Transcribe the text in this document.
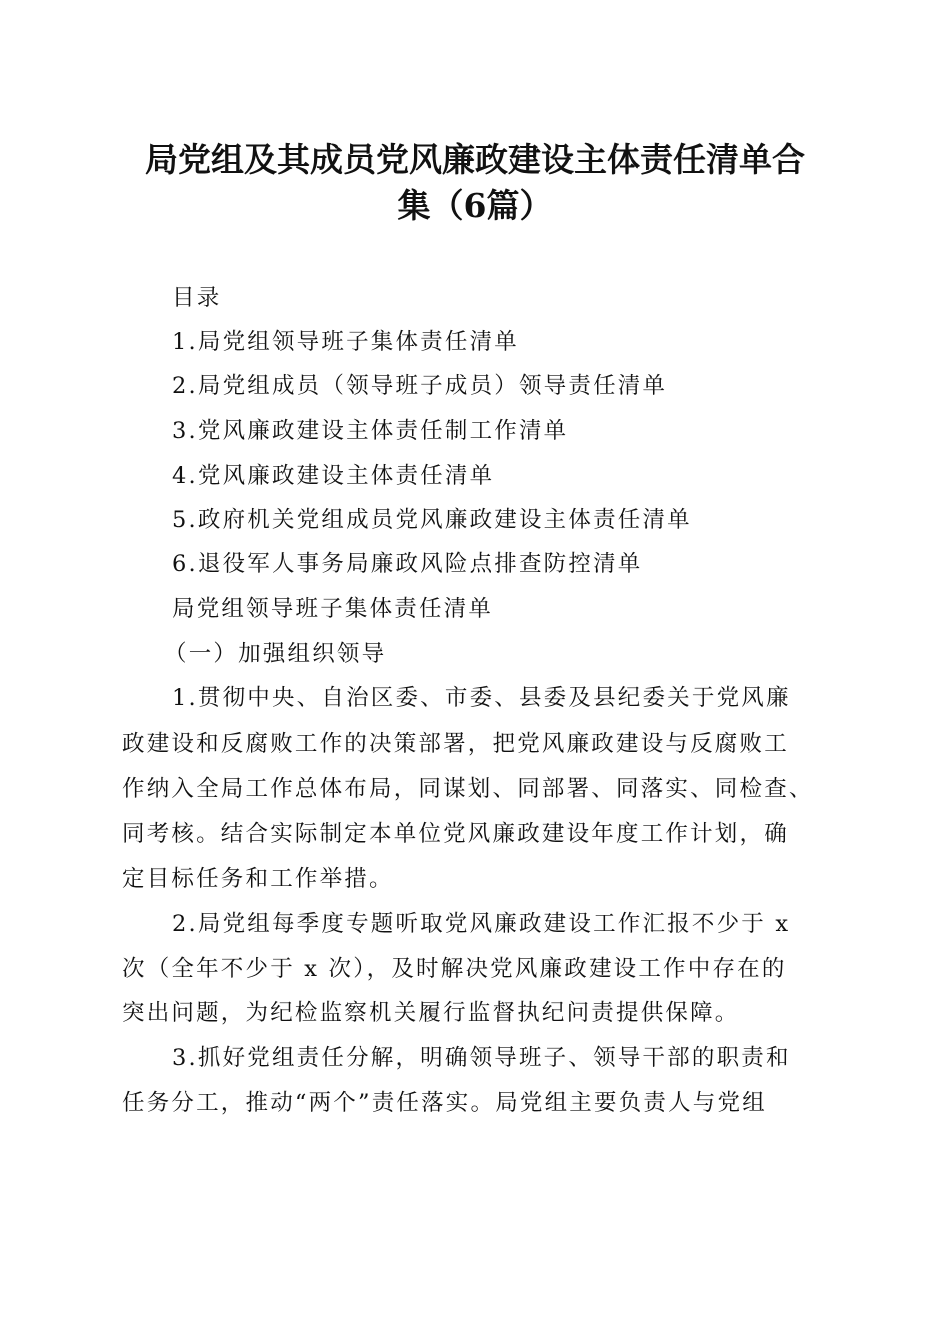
局党组及其成员党风廉政建设主体责任清单合
集（6篇）
目录
1.局党组领导班子集体责任清单
2.局党组成员（领导班子成员）领导责任清单
3.党风廉政建设主体责任制工作清单
4.党风廉政建设主体责任清单
5.政府机关党组成员党风廉政建设主体责任清单
6.退役军人事务局廉政风险点排查防控清单
局党组领导班子集体责任清单
（一）加强组织领导
1.贯彻中央、自治区委、市委、县委及县纪委关于党风廉
政建设和反腐败工作的决策部署，把党风廉政建设与反腐败工
作纳入全局工作总体布局，同谋划、同部署、同落实、同检查、
同考核。结合实际制定本单位党风廉政建设年度工作计划，确
定目标任务和工作举措。
2.局党组每季度专题听取党风廉政建设工作汇报不少于 x
次（全年不少于 x 次），及时解决党风廉政建设工作中存在的
突出问题，为纪检监察机关履行监督执纪问责提供保障。
3.抓好党组责任分解，明确领导班子、领导干部的职责和
任务分工，推动“两个”责任落实。局党组主要负责人与党组
